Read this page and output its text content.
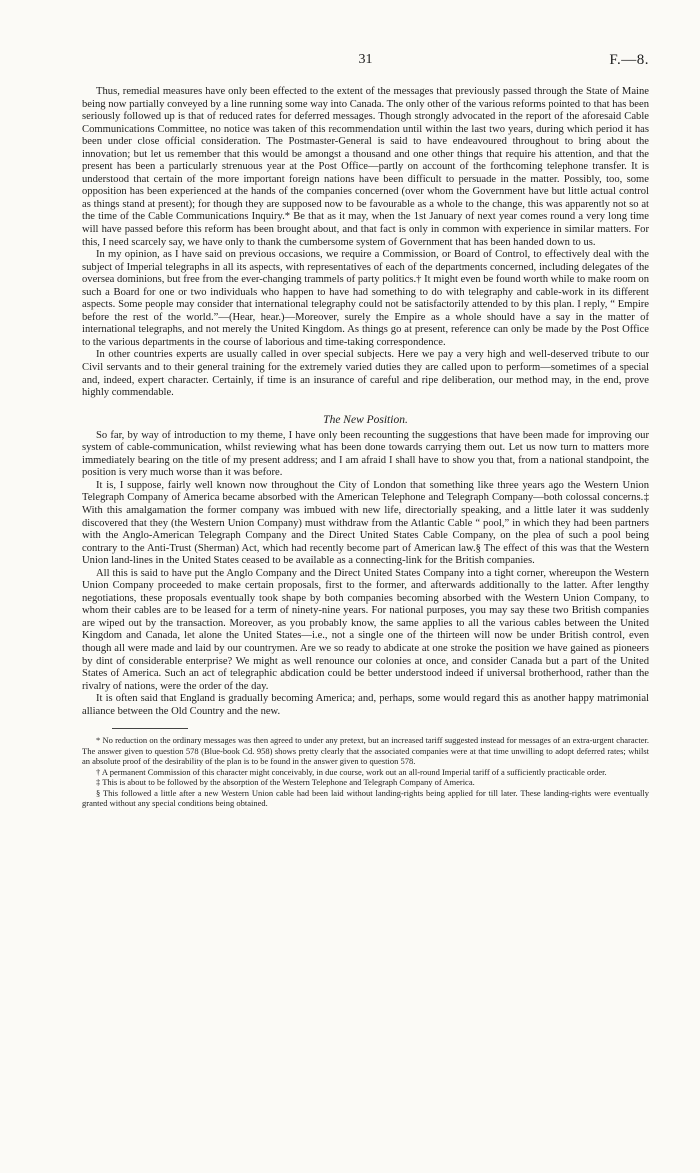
31	F.—8.

Thus, remedial measures have only been effected to the extent of the messages that previously passed through the State of Maine being now partially conveyed by a line running some way into Canada. The only other of the various reforms pointed to that has been seriously followed up is that of reduced rates for deferred messages. Though strongly advocated in the report of the aforesaid Cable Communications Committee, no notice was taken of this recommendation until within the last two years, during which period it has been under close official consideration. The Postmaster-General is said to have endeavoured throughout to bring about the innovation; but let us remember that this would be amongst a thousand and one other things that require his attention, and that the present has been a particularly strenuous year at the Post Office—partly on account of the forthcoming telephone transfer. It is understood that certain of the more important foreign nations have been difficult to persuade in the matter. Possibly, too, some opposition has been experienced at the hands of the companies concerned (over whom the Government have but little actual control as things stand at present); for though they are supposed now to be favourable as a whole to the change, this was apparently not so at the time of the Cable Communications Inquiry.* Be that as it may, when the 1st January of next year comes round a very long time will have passed before this reform has been brought about, and that fact is only in common with experience in similar matters. For this, I need scarcely say, we have only to thank the cumbersome system of Government that has been handed down to us.

In my opinion, as I have said on previous occasions, we require a Commission, or Board of Control, to effectively deal with the subject of Imperial telegraphs in all its aspects, with representatives of each of the departments concerned, including delegates of the oversea dominions, but free from the ever-changing trammels of party politics.† It might even be found worth while to make room on such a Board for one or two individuals who happen to have had something to do with telegraphy and cable-work in its different aspects. Some people may consider that international telegraphy could not be satisfactorily attended to by this plan. I reply, “ Empire before the rest of the world.”—(Hear, hear.)—Moreover, surely the Empire as a whole should have a say in the matter of international telegraphs, and not merely the United Kingdom. As things go at present, reference can only be made by the Post Office to the various departments in the course of laborious and time-taking correspondence.

In other countries experts are usually called in over special subjects. Here we pay a very high and well-deserved tribute to our Civil servants and to their general training for the extremely varied duties they are called upon to perform—sometimes of a special and, indeed, expert character. Certainly, if time is an insurance of careful and ripe deliberation, our method may, in the end, prove highly commendable.

The New Position.

So far, by way of introduction to my theme, I have only been recounting the suggestions that have been made for improving our system of cable-communication, whilst reviewing what has been done towards carrying them out. Let us now turn to matters more immediately bearing on the title of my present address; and I am afraid I shall have to show you that, from a national standpoint, the position is very much worse than it was before.

It is, I suppose, fairly well known now throughout the City of London that something like three years ago the Western Union Telegraph Company of America became absorbed with the American Telephone and Telegraph Company—both colossal concerns.‡ With this amalgamation the former company was imbued with new life, directorially speaking, and a little later it was suddenly discovered that they (the Western Union Company) must withdraw from the Atlantic Cable “ pool,” in which they had been partners with the Anglo-American Telegraph Company and the Direct United States Cable Company, on the plea of such a pool being contrary to the Anti-Trust (Sherman) Act, which had recently become part of American law.§ The effect of this was that the Western Union land-lines in the United States ceased to be available as a connecting-link for the British companies.

All this is said to have put the Anglo Company and the Direct United States Company into a tight corner, whereupon the Western Union Company proceeded to make certain proposals, first to the former, and afterwards additionally to the latter. After lengthy negotiations, these proposals eventually took shape by both companies becoming absorbed with the Western Union Company, to whom their cables are to be leased for a term of ninety-nine years. For national purposes, you may say these two British companies are wiped out by the transaction. Moreover, as you probably know, the same applies to all the various cables between the United Kingdom and Canada, let alone the United States—i.e., not a single one of the thirteen will now be under British control, even though all were made and laid by our countrymen. Are we so ready to abdicate at one stroke the position we have gained as pioneers by dint of considerable enterprise? We might as well renounce our colonies at once, and consider Canada but a part of the United States of America. Such an act of telegraphic abdication could be better understood indeed if universal brotherhood, rather than the rivalry of nations, were the order of the day.

It is often said that England is gradually becoming America; and, perhaps, some would regard this as another happy matrimonial alliance between the Old Country and the new.

* No reduction on the ordinary messages was then agreed to under any pretext, but an increased tariff suggested instead for messages of an extra-urgent character. The answer given to question 578 (Blue-book Cd. 958) shows pretty clearly that the associated companies were at that time unwilling to adopt deferred rates; whilst an absolute proof of the desirability of the plan is to be found in the answer given to question 578.

† A permanent Commission of this character might conceivably, in due course, work out an all-round Imperial tariff of a sufficiently practicable order.

‡ This is about to be followed by the absorption of the Western Telephone and Telegraph Company of America.

§ This followed a little after a new Western Union cable had been laid without landing-rights being applied for till later. These landing-rights were eventually granted without any special conditions being obtained.
